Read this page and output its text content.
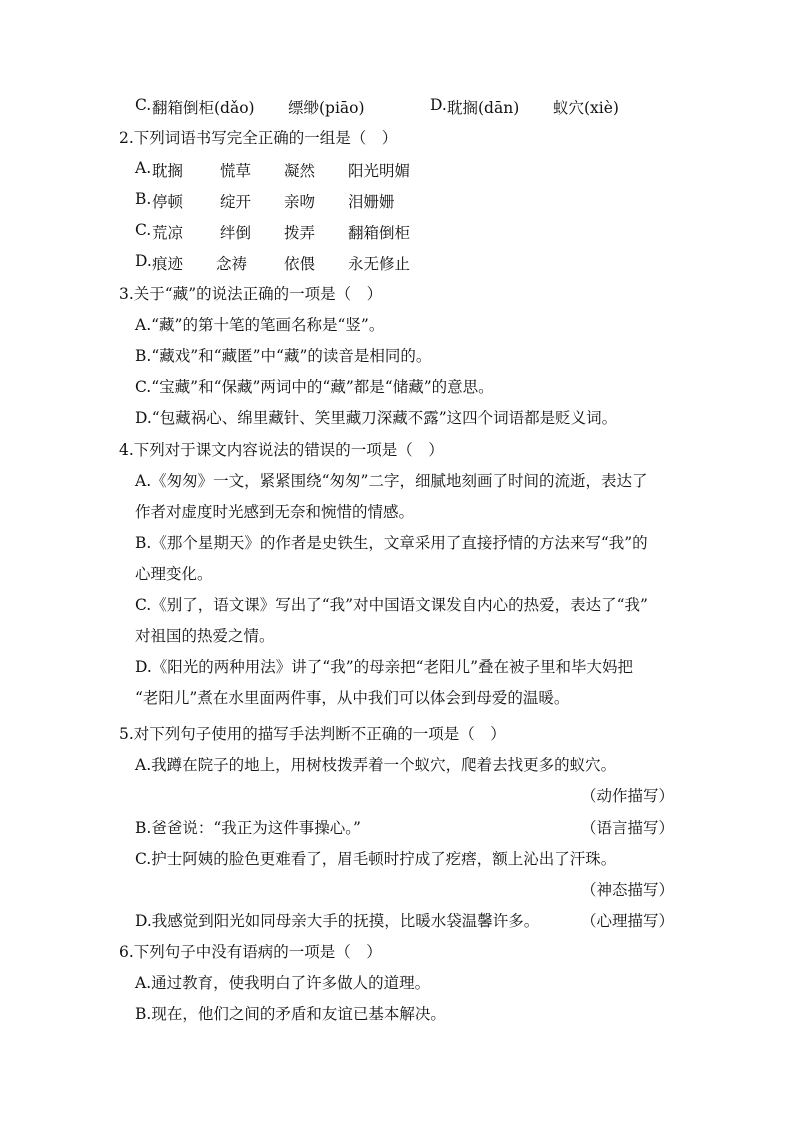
C. 翻箱倒柜(dǎo) 缥缈(piāo)	D. 耽搁(dān) 蚁穴(xiè)
2.下列词语书写完全正确的一组是（　）
A. 耽搁 慌草 凝然 阳光明媚
B. 停顿 绽开 亲吻 泪姗姗
C. 荒凉 绊倒 拨弄 翻箱倒柜
D. 痕迹 念祷 依偎 永无修止
3.关于“藏”的说法正确的一项是（　）
A.“藏”的第十笔的笔画名称是“竖”。
B.“藏戏”和“藏匿”中“藏”的读音是相同的。
C.“宝藏”和“保藏”两词中的“藏”都是“储藏”的意思。
D.“包藏祸心、绵里藏针、笑里藏刀深藏不露”这四个词语都是贬义词。
4.下列对于课文内容说法的错误的一项是（　）
A.《匆匆》一文，紧紧围绕“匆匆”二字，细腻地刻画了时间的流逝，表达了
作者对虚度时光感到无奈和惋惜的情感。
B.《那个星期天》的作者是史铁生，文章采用了直接抒情的方法来写“我”的
心理变化。
C.《别了，语文课》写出了“我”对中国语文课发自内心的热爱，表达了“我”
对祖国的热爱之情。
D.《阳光的两种用法》讲了“我”的母亲把“老阳儿”叠在被子里和毕大妈把
“老阳儿”煮在水里面两件事，从中我们可以体会到母爱的温暖。
5.对下列句子使用的描写手法判断不正确的一项是（　）
A.我蹲在院子的地上，用树枝拨弄着一个蚁穴，爬着去找更多的蚁穴。
（动作描写）
B.爸爸说：“我正为这件事操心。”	（语言描写）
C.护士阿姨的脸色更难看了，眉毛顿时拧成了疙瘩，额上沁出了汗珠。
（神态描写）
D.我感觉到阳光如同母亲大手的抚摸，比暖水袋温馨许多。	（心理描写）
6.下列句子中没有语病的一项是（　）
A.通过教育，使我明白了许多做人的道理。
B.现在，他们之间的矛盾和友谊已基本解决。
